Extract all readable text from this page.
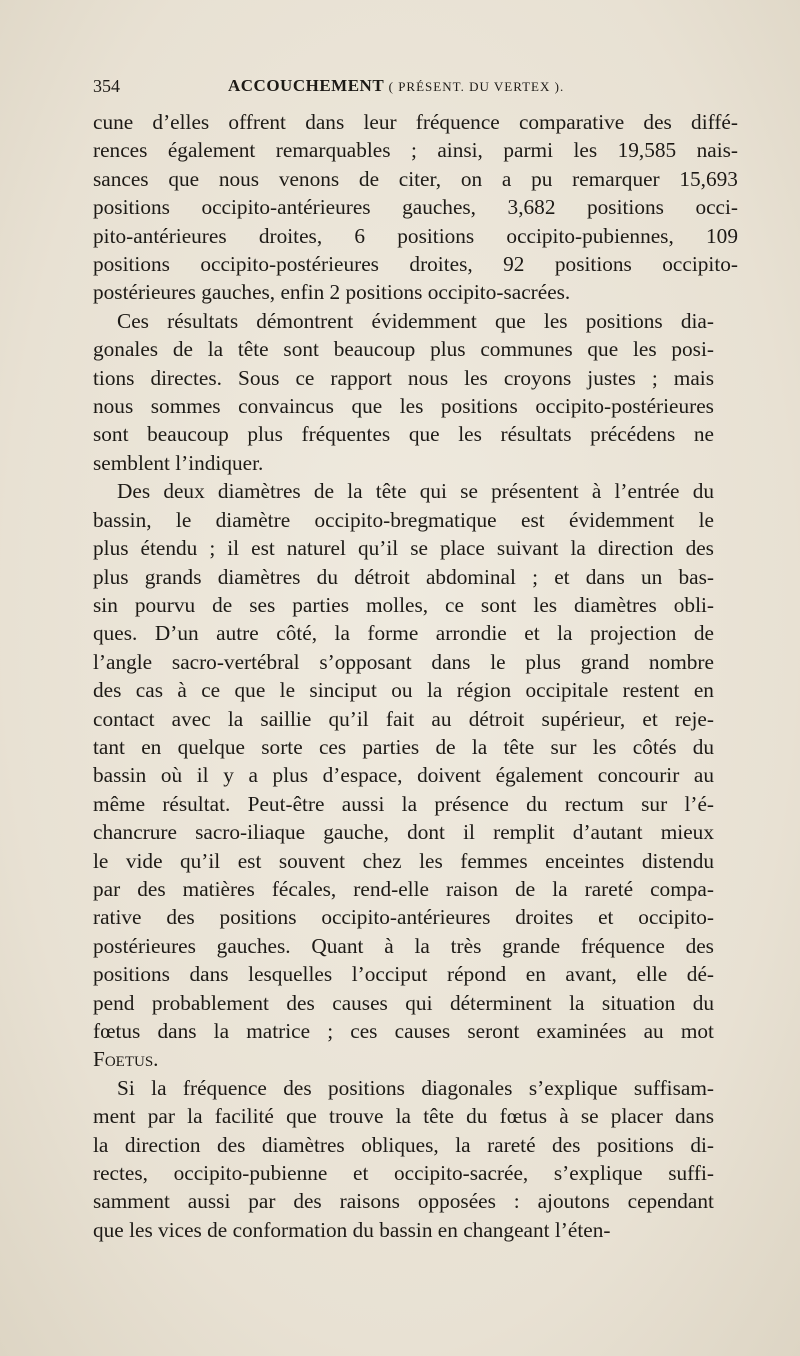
354	ACCOUCHEMENT ( PRÉSENT. DU VERTEX ).

cune d’elles offrent dans leur fréquence comparative des diffé-
rences également remarquables ; ainsi, parmi les 19,585 nais-
sances que nous venons de citer, on a pu remarquer 15,693
positions occipito-antérieures gauches, 3,682 positions occi-
pito-antérieures droites, 6 positions occipito-pubiennes, 109
positions occipito-postérieures droites, 92 positions occipito-
postérieures gauches, enfin 2 positions occipito-sacrées.

Ces résultats démontrent évidemment que les positions dia-
gonales de la tête sont beaucoup plus communes que les posi-
tions directes. Sous ce rapport nous les croyons justes ; mais
nous sommes convaincus que les positions occipito-postérieures
sont beaucoup plus fréquentes que les résultats précédens ne
semblent l’indiquer.

Des deux diamètres de la tête qui se présentent à l’entrée du
bassin, le diamètre occipito-bregmatique est évidemment le
plus étendu ; il est naturel qu’il se place suivant la direction des
plus grands diamètres du détroit abdominal ; et dans un bas-
sin pourvu de ses parties molles, ce sont les diamètres obli-
ques. D’un autre côté, la forme arrondie et la projection de
l’angle sacro-vertébral s’opposant dans le plus grand nombre
des cas à ce que le sinciput ou la région occipitale restent en
contact avec la saillie qu’il fait au détroit supérieur, et reje-
tant en quelque sorte ces parties de la tête sur les côtés du
bassin où il y a plus d’espace, doivent également concourir au
même résultat. Peut-être aussi la présence du rectum sur l’é-
chancrure sacro-iliaque gauche, dont il remplit d’autant mieux
le vide qu’il est souvent chez les femmes enceintes distendu
par des matières fécales, rend-elle raison de la rareté compa-
rative des positions occipito-antérieures droites et occipito-
postérieures gauches. Quant à la très grande fréquence des
positions dans lesquelles l’occiput répond en avant, elle dé-
pend probablement des causes qui déterminent la situation du
fœtus dans la matrice ; ces causes seront examinées au mot
Foetus.

Si la fréquence des positions diagonales s’explique suffisam-
ment par la facilité que trouve la tête du fœtus à se placer dans
la direction des diamètres obliques, la rareté des positions di-
rectes, occipito-pubienne et occipito-sacrée, s’explique suffi-
samment aussi par des raisons opposées : ajoutons cependant
que les vices de conformation du bassin en changeant l’éten-
